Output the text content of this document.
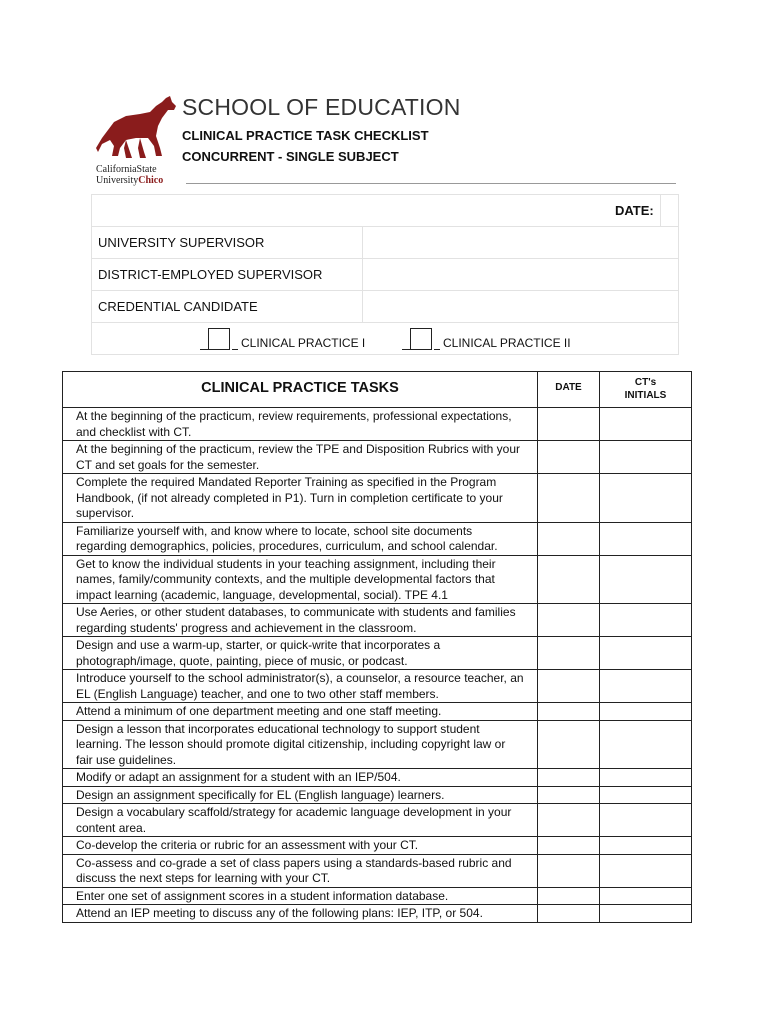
CaliforniaState
UniversityChico
SCHOOL OF EDUCATION
CLINICAL PRACTICE TASK CHECKLIST
CONCURRENT - SINGLE SUBJECT
DATE:		
UNIVERSITY SUPERVISOR		
DISTRICT-EMPLOYED SUPERVISOR		
CREDENTIAL CANDIDATE		

CLINICAL PRACTICE I CLINICAL PRACTICE II		
CLINICAL PRACTICE TASKS	DATE	CT's
INITIALS

At the beginning of the practicum, review requirements, professional expectations, and checklist with CT.		
At the beginning of the practicum, review the TPE and Disposition Rubrics with your CT and set goals for the semester.		
Complete the required Mandated Reporter Training as specified in the Program Handbook, (if not already completed in P1). Turn in completion certificate to your supervisor.		
Familiarize yourself with, and know where to locate, school site documents regarding demographics, policies, procedures, curriculum, and school calendar.		
Get to know the individual students in your teaching assignment, including their names, family/community contexts, and the multiple developmental factors that impact learning (academic, language, developmental, social). TPE 4.1		
Use Aeries, or other student databases, to communicate with students and families regarding students' progress and achievement in the classroom.		
Design and use a warm-up, starter, or quick-write that incorporates a photograph/image, quote, painting, piece of music, or podcast.		
Introduce yourself to the school administrator(s), a counselor, a resource teacher, an EL (English Language) teacher, and one to two other staff members.		
Attend a minimum of one department meeting and one staff meeting.		
Design a lesson that incorporates educational technology to support student learning. The lesson should promote digital citizenship, including copyright law or fair use guidelines.		
Modify or adapt an assignment for a student with an IEP/504.		
Design an assignment specifically for EL (English language) learners.		
Design a vocabulary scaffold/strategy for academic language development in your content area.		
Co-develop the criteria or rubric for an assessment with your CT.		
Co-assess and co-grade a set of class papers using a standards-based rubric and discuss the next steps for learning with your CT.		
Enter one set of assignment scores in a student information database.		
Attend an IEP meeting to discuss any of the following plans: IEP, ITP, or 504.		
